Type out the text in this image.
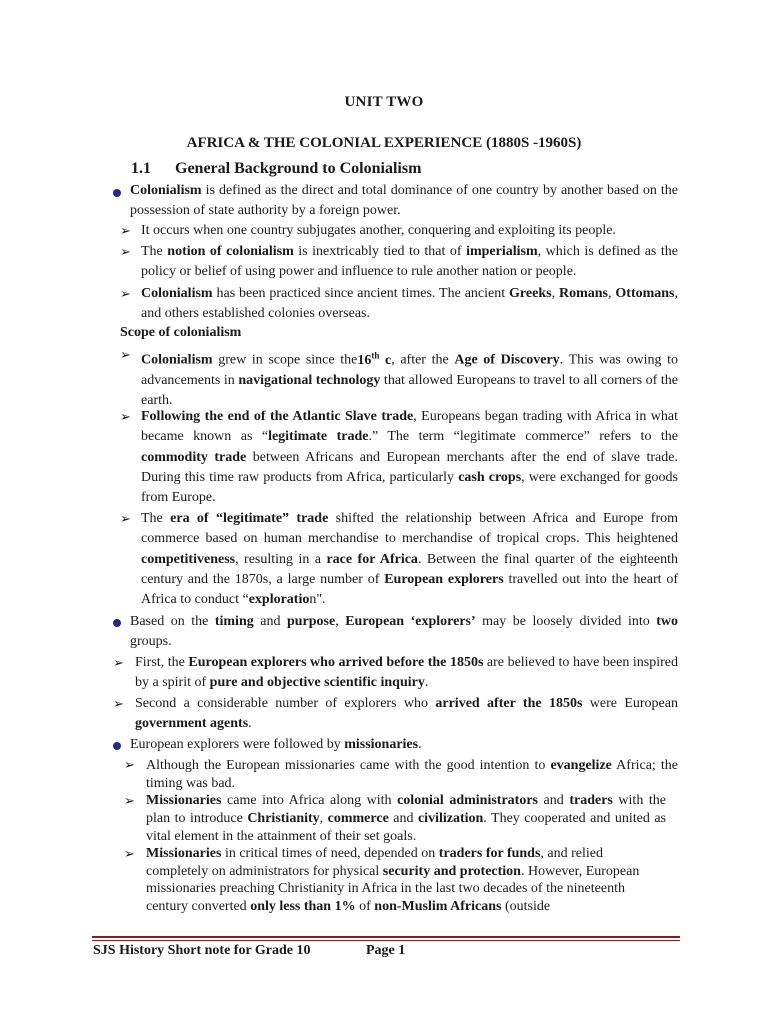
UNIT TWO
AFRICA & THE COLONIAL EXPERIENCE (1880S -1960S)
1.1 General Background to Colonialism
Colonialism is defined as the direct and total dominance of one country by another based on the possession of state authority by a foreign power.
➢ It occurs when one country subjugates another, conquering and exploiting its people.
➢ The notion of colonialism is inextricably tied to that of imperialism, which is defined as the policy or belief of using power and influence to rule another nation or people.
➢ Colonialism has been practiced since ancient times. The ancient Greeks, Romans, Ottomans, and others established colonies overseas.
Scope of colonialism
➢ Colonialism grew in scope since the16th c, after the Age of Discovery. This was owing to advancements in navigational technology that allowed Europeans to travel to all corners of the earth.
➢ Following the end of the Atlantic Slave trade, Europeans began trading with Africa in what became known as “legitimate trade.” The term “legitimate commerce” refers to the commodity trade between Africans and European merchants after the end of slave trade. During this time raw products from Africa, particularly cash crops, were exchanged for goods from Europe.
➢ The era of “legitimate” trade shifted the relationship between Africa and Europe from commerce based on human merchandise to merchandise of tropical crops. This heightened competitiveness, resulting in a race for Africa. Between the final quarter of the eighteenth century and the 1870s, a large number of European explorers travelled out into the heart of Africa to conduct “exploration".
Based on the timing and purpose, European ‘explorers’ may be loosely divided into two groups.
➢ First, the European explorers who arrived before the 1850s are believed to have been inspired by a spirit of pure and objective scientific inquiry.
➢ Second a considerable number of explorers who arrived after the 1850s were European government agents.
European explorers were followed by missionaries.
➢ Although the European missionaries came with the good intention to evangelize Africa; the timing was bad.
➢ Missionaries came into Africa along with colonial administrators and traders with the plan to introduce Christianity, commerce and civilization. They cooperated and united as vital element in the attainment of their set goals.
➢ Missionaries in critical times of need, depended on traders for funds, and relied completely on administrators for physical security and protection. However, European missionaries preaching Christianity in Africa in the last two decades of the nineteenth century converted only less than 1% of non-Muslim Africans (outside
SJS History Short note for Grade 10	Page 1
